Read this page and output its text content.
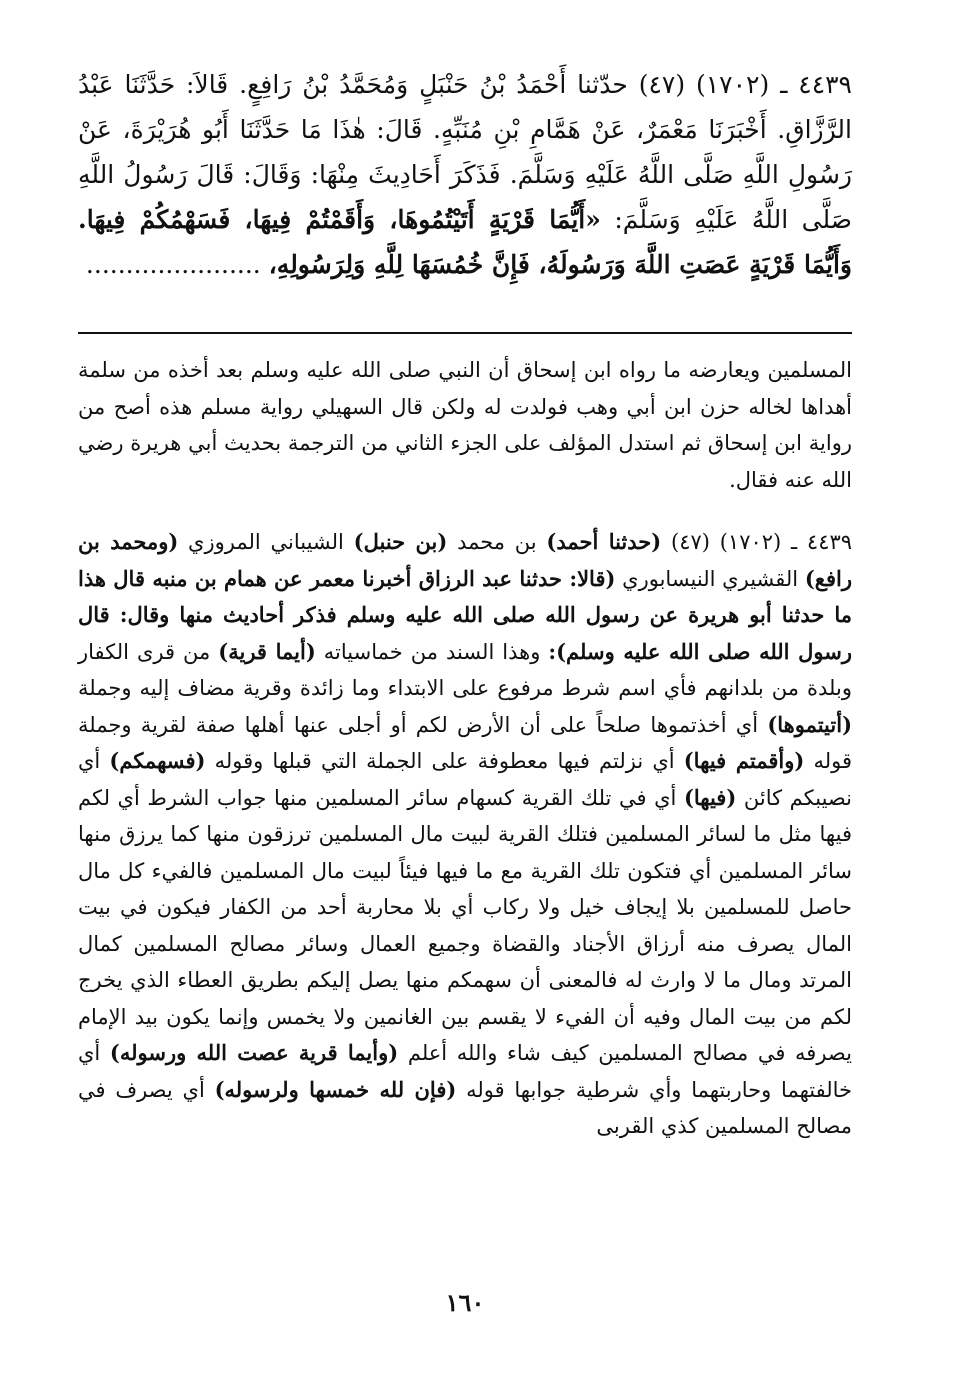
٤٤٣٩ ـ (١٧٠٢) (٤٧) حدّثنا أَحْمَدُ بْنُ حَنْبَلٍ وَمُحَمَّدُ بْنُ رَافِعٍ. قَالاَ: حَدَّثَنَا عَبْدُ الرَّزَّاقِ. أَخْبَرَنَا مَعْمَرٌ، عَنْ هَمَّامِ بْنِ مُنَبِّهٍ. قَالَ: هٰذَا مَا حَدَّثَنَا أَبُو هُرَيْرَةَ، عَنْ رَسُولِ اللَّهِ صَلَّى اللَّهُ عَلَيْهِ وَسَلَّمَ. فَذَكَرَ أَحَادِيثَ مِنْهَا: وَقَالَ: قَالَ رَسُولُ اللَّهِ صَلَّى اللَّهُ عَلَيْهِ وَسَلَّمَ: «أَيُّمَا قَرْيَةٍ أَتَيْتُمُوهَا، وَأَقَمْتُمْ فِيهَا، فَسَهْمُكُمْ فِيهَا. وَأَيُّمَا قَرْيَةٍ عَصَتِ اللَّهَ وَرَسُولَهُ، فَإِنَّ خُمُسَهَا لِلَّهِ وَلِرَسُولِهِ، ......................

المسلمين ويعارضه ما رواه ابن إسحاق أن النبي صلى الله عليه وسلم بعد أخذه من سلمة أهداها لخاله حزن ابن أبي وهب فولدت له ولكن قال السهيلي رواية مسلم هذه أصح من رواية ابن إسحاق ثم استدل المؤلف على الجزء الثاني من الترجمة بحديث أبي هريرة رضي الله عنه فقال.

٤٤٣٩ ـ (١٧٠٢) (٤٧) (حدثنا أحمد) بن محمد (بن حنبل) الشيباني المروزي (ومحمد بن رافع) القشيري النيسابوري (قالا: حدثنا عبد الرزاق أخبرنا معمر عن همام بن منبه قال هذا ما حدثنا أبو هريرة عن رسول الله صلى الله عليه وسلم فذكر أحاديث منها وقال: قال رسول الله صلى الله عليه وسلم): وهذا السند من خماسياته (أيما قرية) من قرى الكفار وبلدة من بلدانهم فأي اسم شرط مرفوع على الابتداء وما زائدة وقرية مضاف إليه وجملة (أتيتموها) أي أخذتموها صلحاً على أن الأرض لكم أو أجلى عنها أهلها صفة لقرية وجملة قوله (وأقمتم فيها) أي نزلتم فيها معطوفة على الجملة التي قبلها وقوله (فسهمكم) أي نصيبكم كائن (فيها) أي في تلك القرية كسهام سائر المسلمين منها جواب الشرط أي لكم فيها مثل ما لسائر المسلمين فتلك القرية لبيت مال المسلمين ترزقون منها كما يرزق منها سائر المسلمين أي فتكون تلك القرية مع ما فيها فيئاً لبيت مال المسلمين فالفيء كل مال حاصل للمسلمين بلا إيجاف خيل ولا ركاب أي بلا محاربة أحد من الكفار فيكون في بيت المال يصرف منه أرزاق الأجناد والقضاة وجميع العمال وسائر مصالح المسلمين كمال المرتد ومال ما لا وارث له فالمعنى أن سهمكم منها يصل إليكم بطريق العطاء الذي يخرج لكم من بيت المال وفيه أن الفيء لا يقسم بين الغانمين ولا يخمس وإنما يكون بيد الإمام يصرفه في مصالح المسلمين كيف شاء والله أعلم (وأيما قرية عصت الله ورسوله) أي خالفتهما وحاربتهما وأي شرطية جوابها قوله (فإن لله خمسها ولرسوله) أي يصرف في مصالح المسلمين كذي القربى

١٦٠
